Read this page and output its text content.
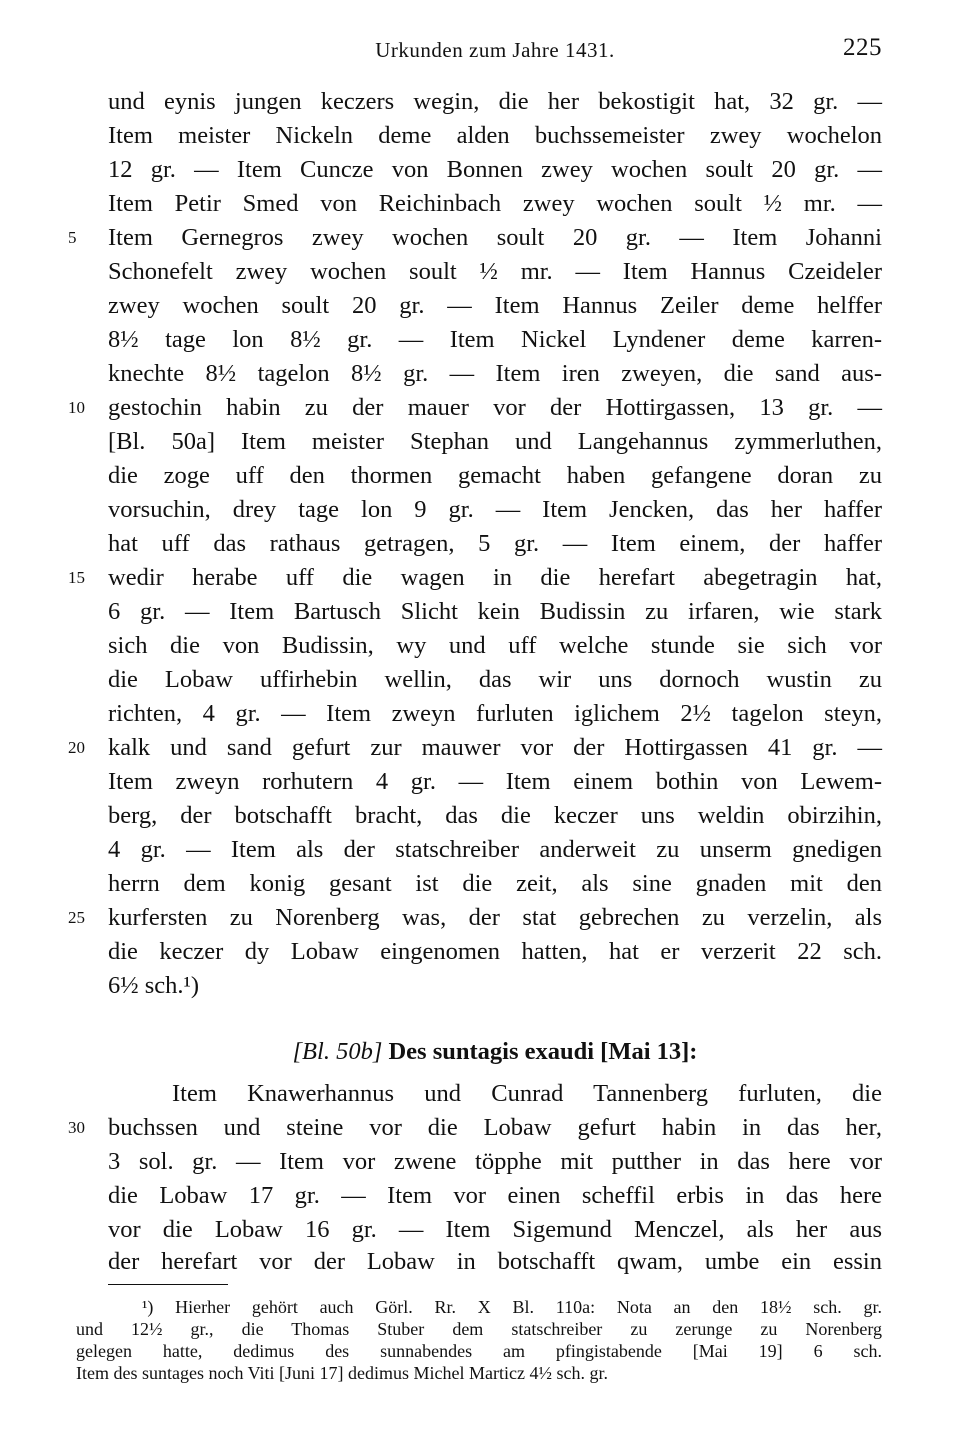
Urkunden zum Jahre 1431.	225
und eynis jungen keczers wegin, die her bekostigit hat, 32 gr. —
Item meister Nickeln deme alden buchssemeister zwey wochelon
12 gr. — Item Cuncze von Bonnen zwey wochen soult 20 gr. —
Item Petir Smed von Reichinbach zwey wochen soult ½ mr. —
Item Gernegros zwey wochen soult 20 gr. — Item Johanni
Schonefelt zwey wochen soult ½ mr. — Item Hannus Czeideler
zwey wochen soult 20 gr. — Item Hannus Zeiler deme helffer
8½ tage lon 8½ gr. — Item Nickel Lyndener deme karren-
knechte 8½ tagelon 8½ gr. — Item iren zweyen, die sand aus-
gestochin habin zu der mauer vor der Hottirgassen, 13 gr. —
[Bl. 50a] Item meister Stephan und Langehannus zymmerluthen,
die zoge uff den thormen gemacht haben gefangene doran zu
vorsuchin, drey tage lon 9 gr. — Item Jencken, das her haffer
hat uff das rathaus getragen, 5 gr. — Item einem, der haffer
wedir herabe uff die wagen in die herefart abegetragin hat,
6 gr. — Item Bartusch Slicht kein Budissin zu irfaren, wie stark
sich die von Budissin, wy und uff welche stunde sie sich vor
die Lobaw uffirhebin wellin, das wir uns dornoch wustin zu
richten, 4 gr. — Item zweyn furluten iglichem 2½ tagelon steyn,
kalk und sand gefurt zur mauwer vor der Hottirgassen 41 gr. —
Item zweyn rorhutern 4 gr. — Item einem bothin von Lewem-
berg, der botschafft bracht, das die keczer uns weldin obirzihin,
4 gr. — Item als der statschreiber anderweit zu unserm gnedigen
herrn dem konig gesant ist die zeit, als sine gnaden mit den
kurfersten zu Norenberg was, der stat gebrechen zu verzelin, als
die keczer dy Lobaw eingenomen hatten, hat er verzerit 22 sch.
6½ sch.¹)
[Bl. 50b] Des suntagis exaudi [Mai 13]:
Item Knawerhannus und Cunrad Tannenberg furluten, die
buchssen und steine vor die Lobaw gefurt habin in das her,
3 sol. gr. — Item vor zwene töpphe mit putther in das here vor
die Lobaw 17 gr. — Item vor einen scheffil erbis in das here
vor die Lobaw 16 gr. — Item Sigemund Menczel, als her aus
der herefart vor der Lobaw in botschafft qwam, umbe ein essin
5
10
15
20
25
30
¹) Hierher gehört auch Görl. Rr. X Bl. 110a: Nota an den 18½ sch. gr.
und 12½ gr., die Thomas Stuber dem statschreiber zu zerunge zu Norenberg
gelegen hatte, dedimus des sunnabendes am pfingistabende [Mai 19] 6 sch.
Item des suntages noch Viti [Juni 17] dedimus Michel Marticz 4½ sch. gr.
